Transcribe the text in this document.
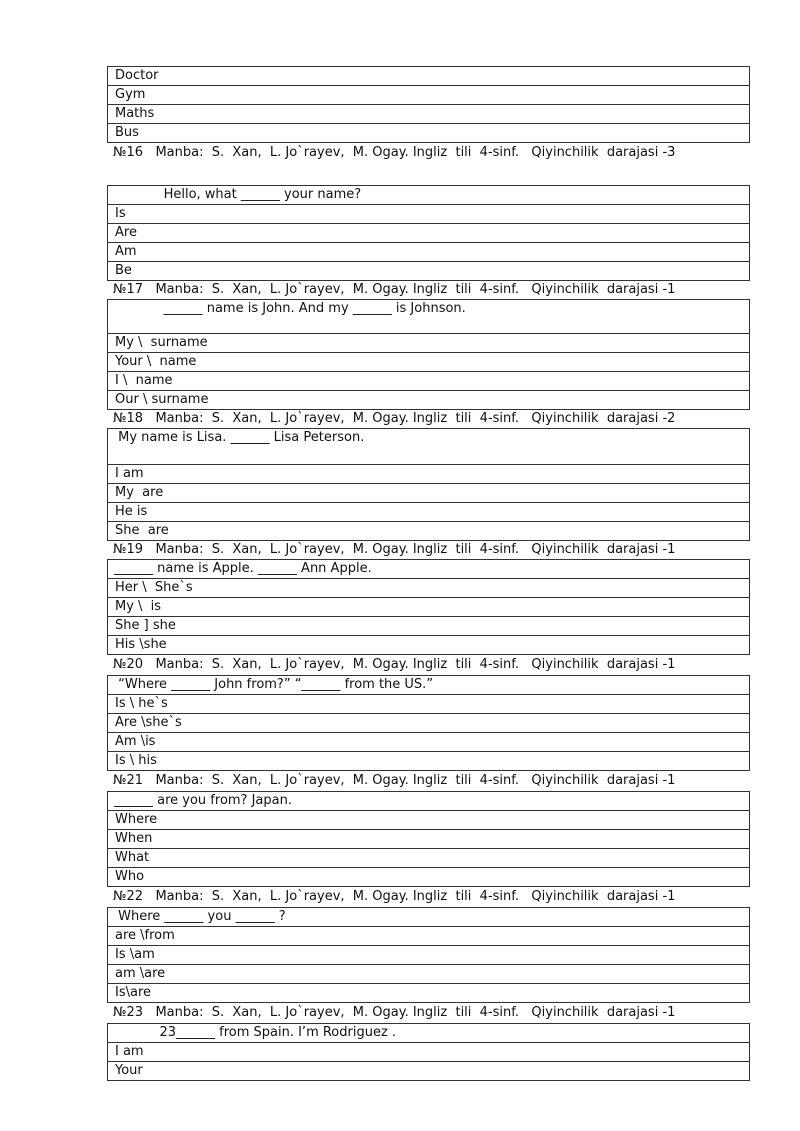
Doctor
Gym
Maths
Bus
№16 Manba:  S.  Xan,  L. Jo`rayev,  M. Ogay. Ingliz  tili  4-sinf.   Qiyinchilik  darajasi -3
Hello, what ______ your name?
Is
Are
Am
Be
№17 Manba:  S.  Xan,  L. Jo`rayev,  M. Ogay. Ingliz  tili  4-sinf.   Qiyinchilik  darajasi -1
______ name is John. And my ______ is Johnson.
My \  surname
Your \  name
I \  name
Our \ surname
№18 Manba:  S.  Xan,  L. Jo`rayev,  M. Ogay. Ingliz  tili  4-sinf.   Qiyinchilik  darajasi -2
My name is Lisa. ______ Lisa Peterson.
I am
My  are
He is
She  are
№19 Manba:  S.  Xan,  L. Jo`rayev,  M. Ogay. Ingliz  tili  4-sinf.   Qiyinchilik  darajasi -1
______ name is Apple. ______ Ann Apple.
Her \  She`s
My \  is
She ] she
His \she
№20 Manba:  S.  Xan,  L. Jo`rayev,  M. Ogay. Ingliz  tili  4-sinf.   Qiyinchilik  darajasi -1
“Where ______ John from?” “______ from the US.”
Is \ he`s
Are \she`s
Am \is
Is \ his
№21 Manba:  S.  Xan,  L. Jo`rayev,  M. Ogay. Ingliz  tili  4-sinf.   Qiyinchilik  darajasi -1
______ are you from? Japan.
Where
When
What
Who
№22 Manba:  S.  Xan,  L. Jo`rayev,  M. Ogay. Ingliz  tili  4-sinf.   Qiyinchilik  darajasi -1
Where ______ you ______ ?
are \from
Is \am
am \are
Is\are
№23 Manba:  S.  Xan,  L. Jo`rayev,  M. Ogay. Ingliz  tili  4-sinf.   Qiyinchilik  darajasi -1
23______ from Spain. I’m Rodriguez .
I am
Your
